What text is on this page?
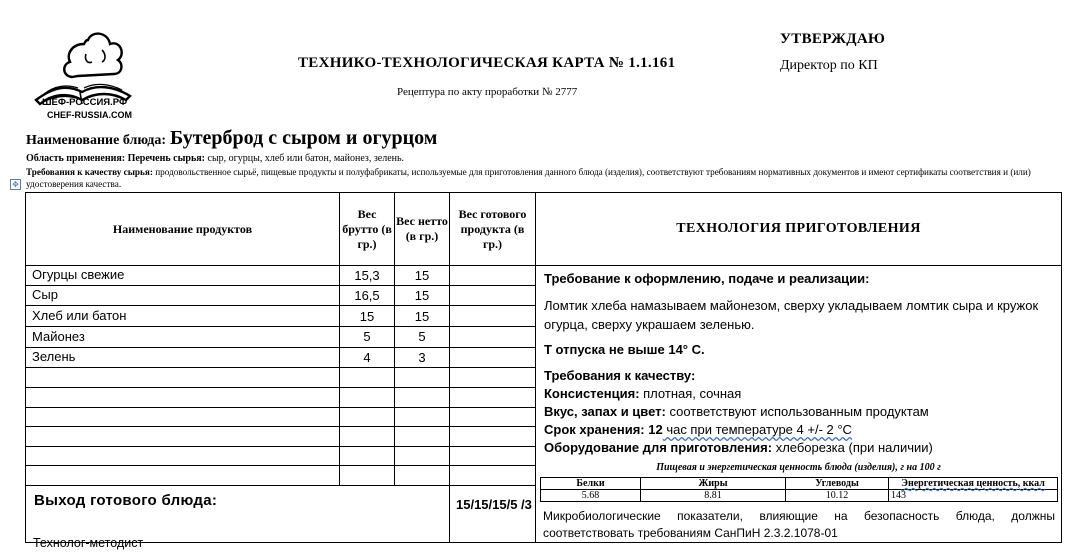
ШЕФ-РОССИЯ.РФ
CHEF-RUSSIA.COM
ТЕХНИКО-ТЕХНОЛОГИЧЕСКАЯ КАРТА № 1.1.161
Рецептура по акту проработки № 2777
УТВЕРЖДАЮ
Директор по КП
Наименование блюда: Бутерброд с сыром и огурцом
Область применения: Перечень сырья: сыр, огурцы, хлеб или батон, майонез, зелень.
Требования к качеству сырья: продовольственное сырьё, пищевые продукты и полуфабрикаты, используемые для приготовления данного блюда (изделия), соответствуют требованиям нормативных документов и имеют сертификаты соответствия и (или) удостоверения качества.
✥
Наименование продуктов	Вес брутто (в гр.)	Вес нетто (в гр.)	Вес готового продукта (в гр.)	ТЕХНОЛОГИЯ ПРИГОТОВЛЕНИЯ
Огурцы свежие	15,3	15		Требование к оформлению, подаче и реализации:

Ломтик хлеба намазываем майонезом, сверху укладываем ломтик сыра и кружок огурца, сверху украшаем зеленью.

Т отпуска не выше 14° С.

Требования к качеству:

Консистенция: плотная, сочная

Вкус, запах и цвет: соответствуют использованным продуктам

Срок хранения: 12 час при температуре 4 +/- 2 °С

Оборудование для приготовления: хлеборезка (при наличии)

Пищевая и энергетическая ценность блюда (изделия), г на 100 г
Белки	Жиры	Углеводы	Энергетическая ценность, ккал
5.68	8.81	10.12	143
Микробиологические показатели, влияющие на безопасность блюда, должны соответствовать требованиям СанПиН 2.3.2.1078-01

Сыр	16,5	15	
Хлеб или батон	15	15	
Майонез	5	5	
Зелень	4	3	

Выход готового блюда:	15/15/15/5 /3
Технолог-методист
